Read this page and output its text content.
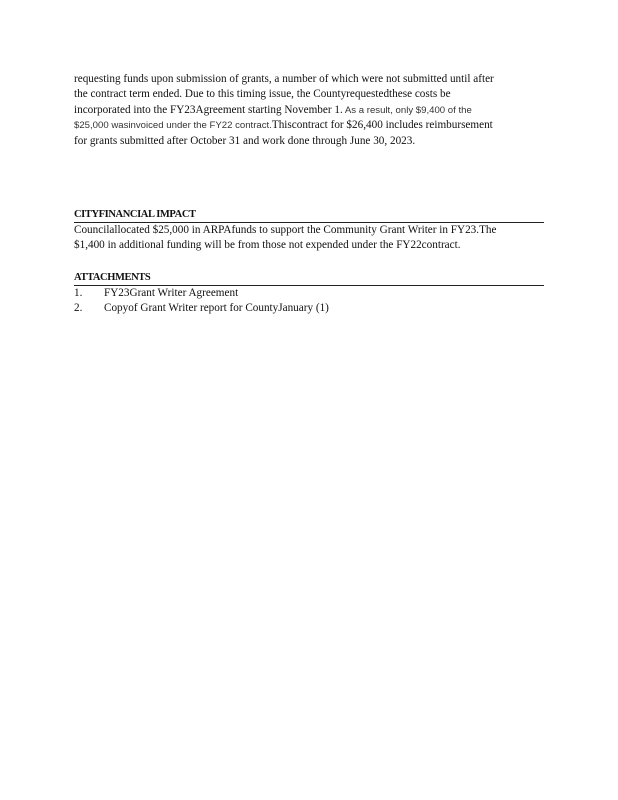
requesting funds upon submission of grants, a number of which were not submitted until after
the contract term ended. Due to this timing issue, the Countyrequestedthese costs be
incorporated into the FY23Agreement starting November 1. As a result, only $9,400 of the
$25,000 wasinvoiced under the FY22 contract.Thiscontract for $26,400 includes reimbursement
for grants submitted after October 31 and work done through June 30, 2023.
CITYFINANCIAL IMPACT
Councilallocated $25,000 in ARPAfunds to support the Community Grant Writer in FY23.The
$1,400 in additional funding will be from those not expended under the FY22contract.
ATTACHMENTS
1.	FY23Grant Writer Agreement
2.	Copyof Grant Writer report for CountyJanuary (1)
